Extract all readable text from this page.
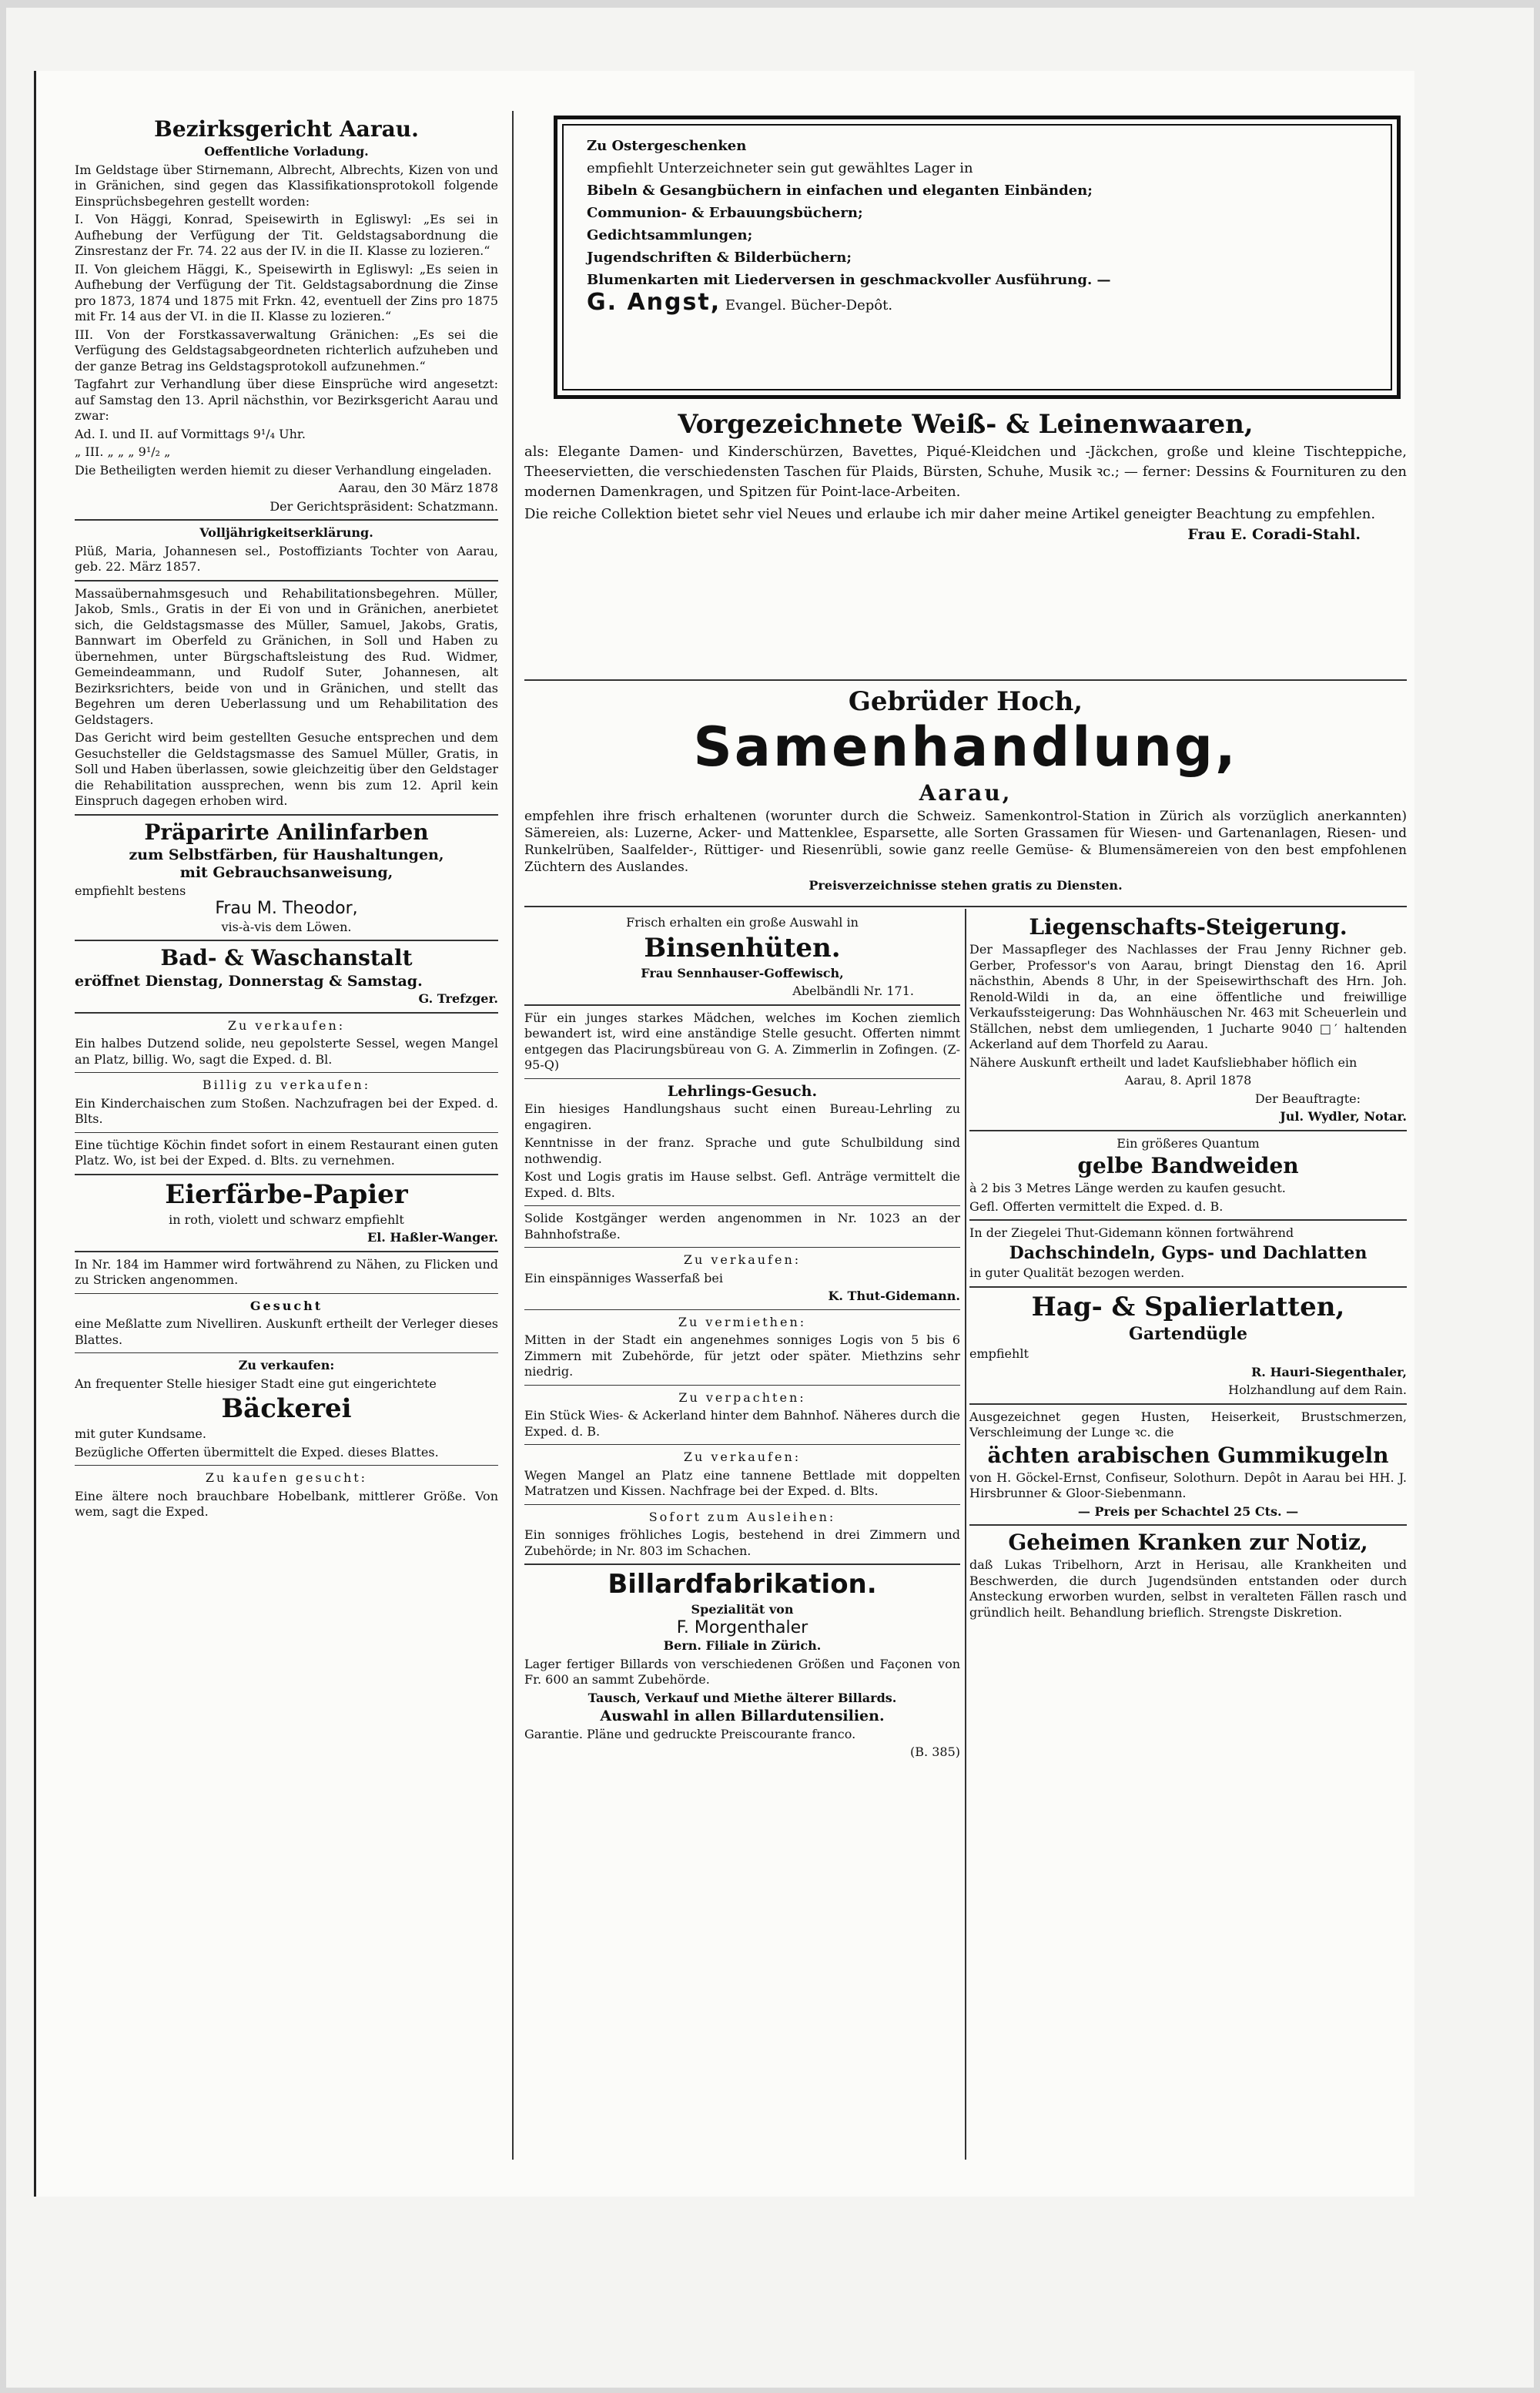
Bezirksgericht Aarau.

Oeffentliche Vorladung.

Im Geldstage über Stirnemann, Albrecht, Albrechts, Kizen von und in Gränichen, sind gegen das Klassifikationsprotokoll folgende Einsprüchsbegehren gestellt worden:

I. Von Häggi, Konrad, Speisewirth in Egliswyl: „Es sei in Aufhebung der Verfügung der Tit. Geldstagsabordnung die Zinsrestanz der Fr. 74. 22 aus der IV. in die II. Klasse zu lozieren.“

II. Von gleichem Häggi, K., Speisewirth in Egliswyl: „Es seien in Aufhebung der Verfügung der Tit. Geldstagsabordnung die Zinse pro 1873, 1874 und 1875 mit Frkn. 42, eventuell der Zins pro 1875 mit Fr. 14 aus der VI. in die II. Klasse zu lozieren.“

III. Von der Forstkassaverwaltung Gränichen: „Es sei die Verfügung des Geldstagsabgeordneten richterlich aufzuheben und der ganze Betrag ins Geldstagsprotokoll aufzunehmen.“

Tagfahrt zur Verhandlung über diese Einsprüche wird angesetzt: auf Samstag den 13. April nächsthin, vor Bezirksgericht Aarau und zwar:

Ad. I. und II. auf Vormittags 9¹/₄ Uhr.

„ III. „ „ „ 9¹/₂ „

Die Betheiligten werden hiemit zu dieser Verhandlung eingeladen.

Aarau, den 30 März 1878

Der Gerichtspräsident: Schatzmann.

Volljährigkeitserklärung.

Plüß, Maria, Johannesen sel., Postoffiziants Tochter von Aarau, geb. 22. März 1857.

Massaübernahmsgesuch und Rehabilitationsbegehren. Müller, Jakob, Smls., Gratis in der Ei von und in Gränichen, anerbietet sich, die Geldstagsmasse des Müller, Samuel, Jakobs, Gratis, Bannwart im Oberfeld zu Gränichen, in Soll und Haben zu übernehmen, unter Bürgschaftsleistung des Rud. Widmer, Gemeindeammann, und Rudolf Suter, Johannesen, alt Bezirksrichters, beide von und in Gränichen, und stellt das Begehren um deren Ueberlassung und um Rehabilitation des Geldstagers.

Das Gericht wird beim gestellten Gesuche entsprechen und dem Gesuchsteller die Geldstagsmasse des Samuel Müller, Gratis, in Soll und Haben überlassen, sowie gleichzeitig über den Geldstager die Rehabilitation aussprechen, wenn bis zum 12. April kein Einspruch dagegen erhoben wird.

Präparirte Anilinfarben

zum Selbstfärben, für Haushaltungen,

mit Gebrauchsanweisung,

empfiehlt bestens

Frau M. Theodor,

vis-à-vis dem Löwen.

Bad- & Waschanstalt

eröffnet Dienstag, Donnerstag & Samstag.

G. Trefzger.

Zu verkaufen:

Ein halbes Dutzend solide, neu gepolsterte Sessel, wegen Mangel an Platz, billig. Wo, sagt die Exped. d. Bl.

Billig zu verkaufen:

Ein Kinderchaischen zum Stoßen. Nachzufragen bei der Exped. d. Blts.

Eine tüchtige Köchin findet sofort in einem Restaurant einen guten Platz. Wo, ist bei der Exped. d. Blts. zu vernehmen.

Eierfärbe-Papier

in roth, violett und schwarz empfiehlt

El. Haßler-Wanger.

In Nr. 184 im Hammer wird fortwährend zu Nähen, zu Flicken und zu Stricken angenommen.

Gesucht

eine Meßlatte zum Nivelliren. Auskunft ertheilt der Verleger dieses Blattes.

Zu verkaufen:

An frequenter Stelle hiesiger Stadt eine gut eingerichtete

Bäckerei

mit guter Kundsame.

Bezügliche Offerten übermittelt die Exped. dieses Blattes.

Zu kaufen gesucht:

Eine ältere noch brauchbare Hobelbank, mittlerer Größe. Von wem, sagt die Exped.

Zu Ostergeschenken

empfiehlt Unterzeichneter sein gut gewähltes Lager in

Bibeln & Gesangbüchern in einfachen und eleganten Einbänden;

Communion- & Erbauungsbüchern;

Gedichtsammlungen;

Jugendschriften & Bilderbüchern;

Blumenkarten mit Liederversen in geschmackvoller Ausführung. —

G. Angst, Evangel. Bücher-Depôt.

Vorgezeichnete Weiß- & Leinenwaaren,

als: Elegante Damen- und Kinderschürzen, Bavettes, Piqué-Kleidchen und -Jäckchen, große und kleine Tischteppiche, Theeservietten, die verschiedensten Taschen für Plaids, Bürsten, Schuhe, Musik ꝛc.; — ferner: Dessins & Fournituren zu den modernen Damenkragen, und Spitzen für Point-lace-Arbeiten.

Die reiche Collektion bietet sehr viel Neues und erlaube ich mir daher meine Artikel geneigter Beachtung zu empfehlen.

Frau E. Coradi-Stahl.

Gebrüder Hoch,

Samenhandlung,

Aarau,

empfehlen ihre frisch erhaltenen (worunter durch die Schweiz. Samenkontrol-Station in Zürich als vorzüglich anerkannten) Sämereien, als: Luzerne, Acker- und Mattenklee, Esparsette, alle Sorten Grassamen für Wiesen- und Gartenanlagen, Riesen- und Runkelrüben, Saalfelder-, Rüttiger- und Riesenrübli, sowie ganz reelle Gemüse- & Blumensämereien von den best empfohlenen Züchtern des Auslandes.

Preisverzeichnisse stehen gratis zu Diensten.

Frisch erhalten ein große Auswahl in

Binsenhüten.

Frau Sennhauser-Goffewisch,

Abelbändli Nr. 171.

Für ein junges starkes Mädchen, welches im Kochen ziemlich bewandert ist, wird eine anständige Stelle gesucht. Offerten nimmt entgegen das Placirungsbüreau von G. A. Zimmerlin in Zofingen. (Z-95-Q)

Lehrlings-Gesuch.

Ein hiesiges Handlungshaus sucht einen Bureau-Lehrling zu engagiren.

Kenntnisse in der franz. Sprache und gute Schulbildung sind nothwendig.

Kost und Logis gratis im Hause selbst. Gefl. Anträge vermittelt die Exped. d. Blts.

Solide Kostgänger werden angenommen in Nr. 1023 an der Bahnhofstraße.

Zu verkaufen:

Ein einspänniges Wasserfaß bei

K. Thut-Gidemann.

Zu vermiethen:

Mitten in der Stadt ein angenehmes sonniges Logis von 5 bis 6 Zimmern mit Zubehörde, für jetzt oder später. Miethzins sehr niedrig.

Zu verpachten:

Ein Stück Wies- & Ackerland hinter dem Bahnhof. Näheres durch die Exped. d. B.

Zu verkaufen:

Wegen Mangel an Platz eine tannene Bettlade mit doppelten Matratzen und Kissen. Nachfrage bei der Exped. d. Blts.

Sofort zum Ausleihen:

Ein sonniges fröhliches Logis, bestehend in drei Zimmern und Zubehörde; in Nr. 803 im Schachen.

Billardfabrikation.

Spezialität von

F. Morgenthaler

Bern. Filiale in Zürich.

Lager fertiger Billards von verschiedenen Größen und Façonen von Fr. 600 an sammt Zubehörde.

Tausch, Verkauf und Miethe älterer Billards.

Auswahl in allen Billardutensilien.

Garantie. Pläne und gedruckte Preiscourante franco.

(B. 385)

Liegenschafts-Steigerung.

Der Massapfleger des Nachlasses der Frau Jenny Richner geb. Gerber, Professor's von Aarau, bringt Dienstag den 16. April nächsthin, Abends 8 Uhr, in der Speisewirthschaft des Hrn. Joh. Renold-Wildi in da, an eine öffentliche und freiwillige Verkaufssteigerung: Das Wohnhäuschen Nr. 463 mit Scheuerlein und Ställchen, nebst dem umliegenden, 1 Jucharte 9040 □′ haltenden Ackerland auf dem Thorfeld zu Aarau.

Nähere Auskunft ertheilt und ladet Kaufsliebhaber höflich ein

Aarau, 8. April 1878

Der Beauftragte:

Jul. Wydler, Notar.

Ein größeres Quantum

gelbe Bandweiden

à 2 bis 3 Metres Länge werden zu kaufen gesucht.

Gefl. Offerten vermittelt die Exped. d. B.

In der Ziegelei Thut-Gidemann können fortwährend

Dachschindeln, Gyps- und Dachlatten

in guter Qualität bezogen werden.

Hag- & Spalierlatten,

Gartendügle

empfiehlt

R. Hauri-Siegenthaler,

Holzhandlung auf dem Rain.

Ausgezeichnet gegen Husten, Heiserkeit, Brustschmerzen, Verschleimung der Lunge ꝛc. die

ächten arabischen Gummikugeln

von H. Göckel-Ernst, Confiseur, Solothurn. Depôt in Aarau bei HH. J. Hirsbrunner & Gloor-Siebenmann.

— Preis per Schachtel 25 Cts. —

Geheimen Kranken zur Notiz,

daß Lukas Tribelhorn, Arzt in Herisau, alle Krankheiten und Beschwerden, die durch Jugendsünden entstanden oder durch Ansteckung erworben wurden, selbst in veralteten Fällen rasch und gründlich heilt. Behandlung brieflich. Strengste Diskretion.
